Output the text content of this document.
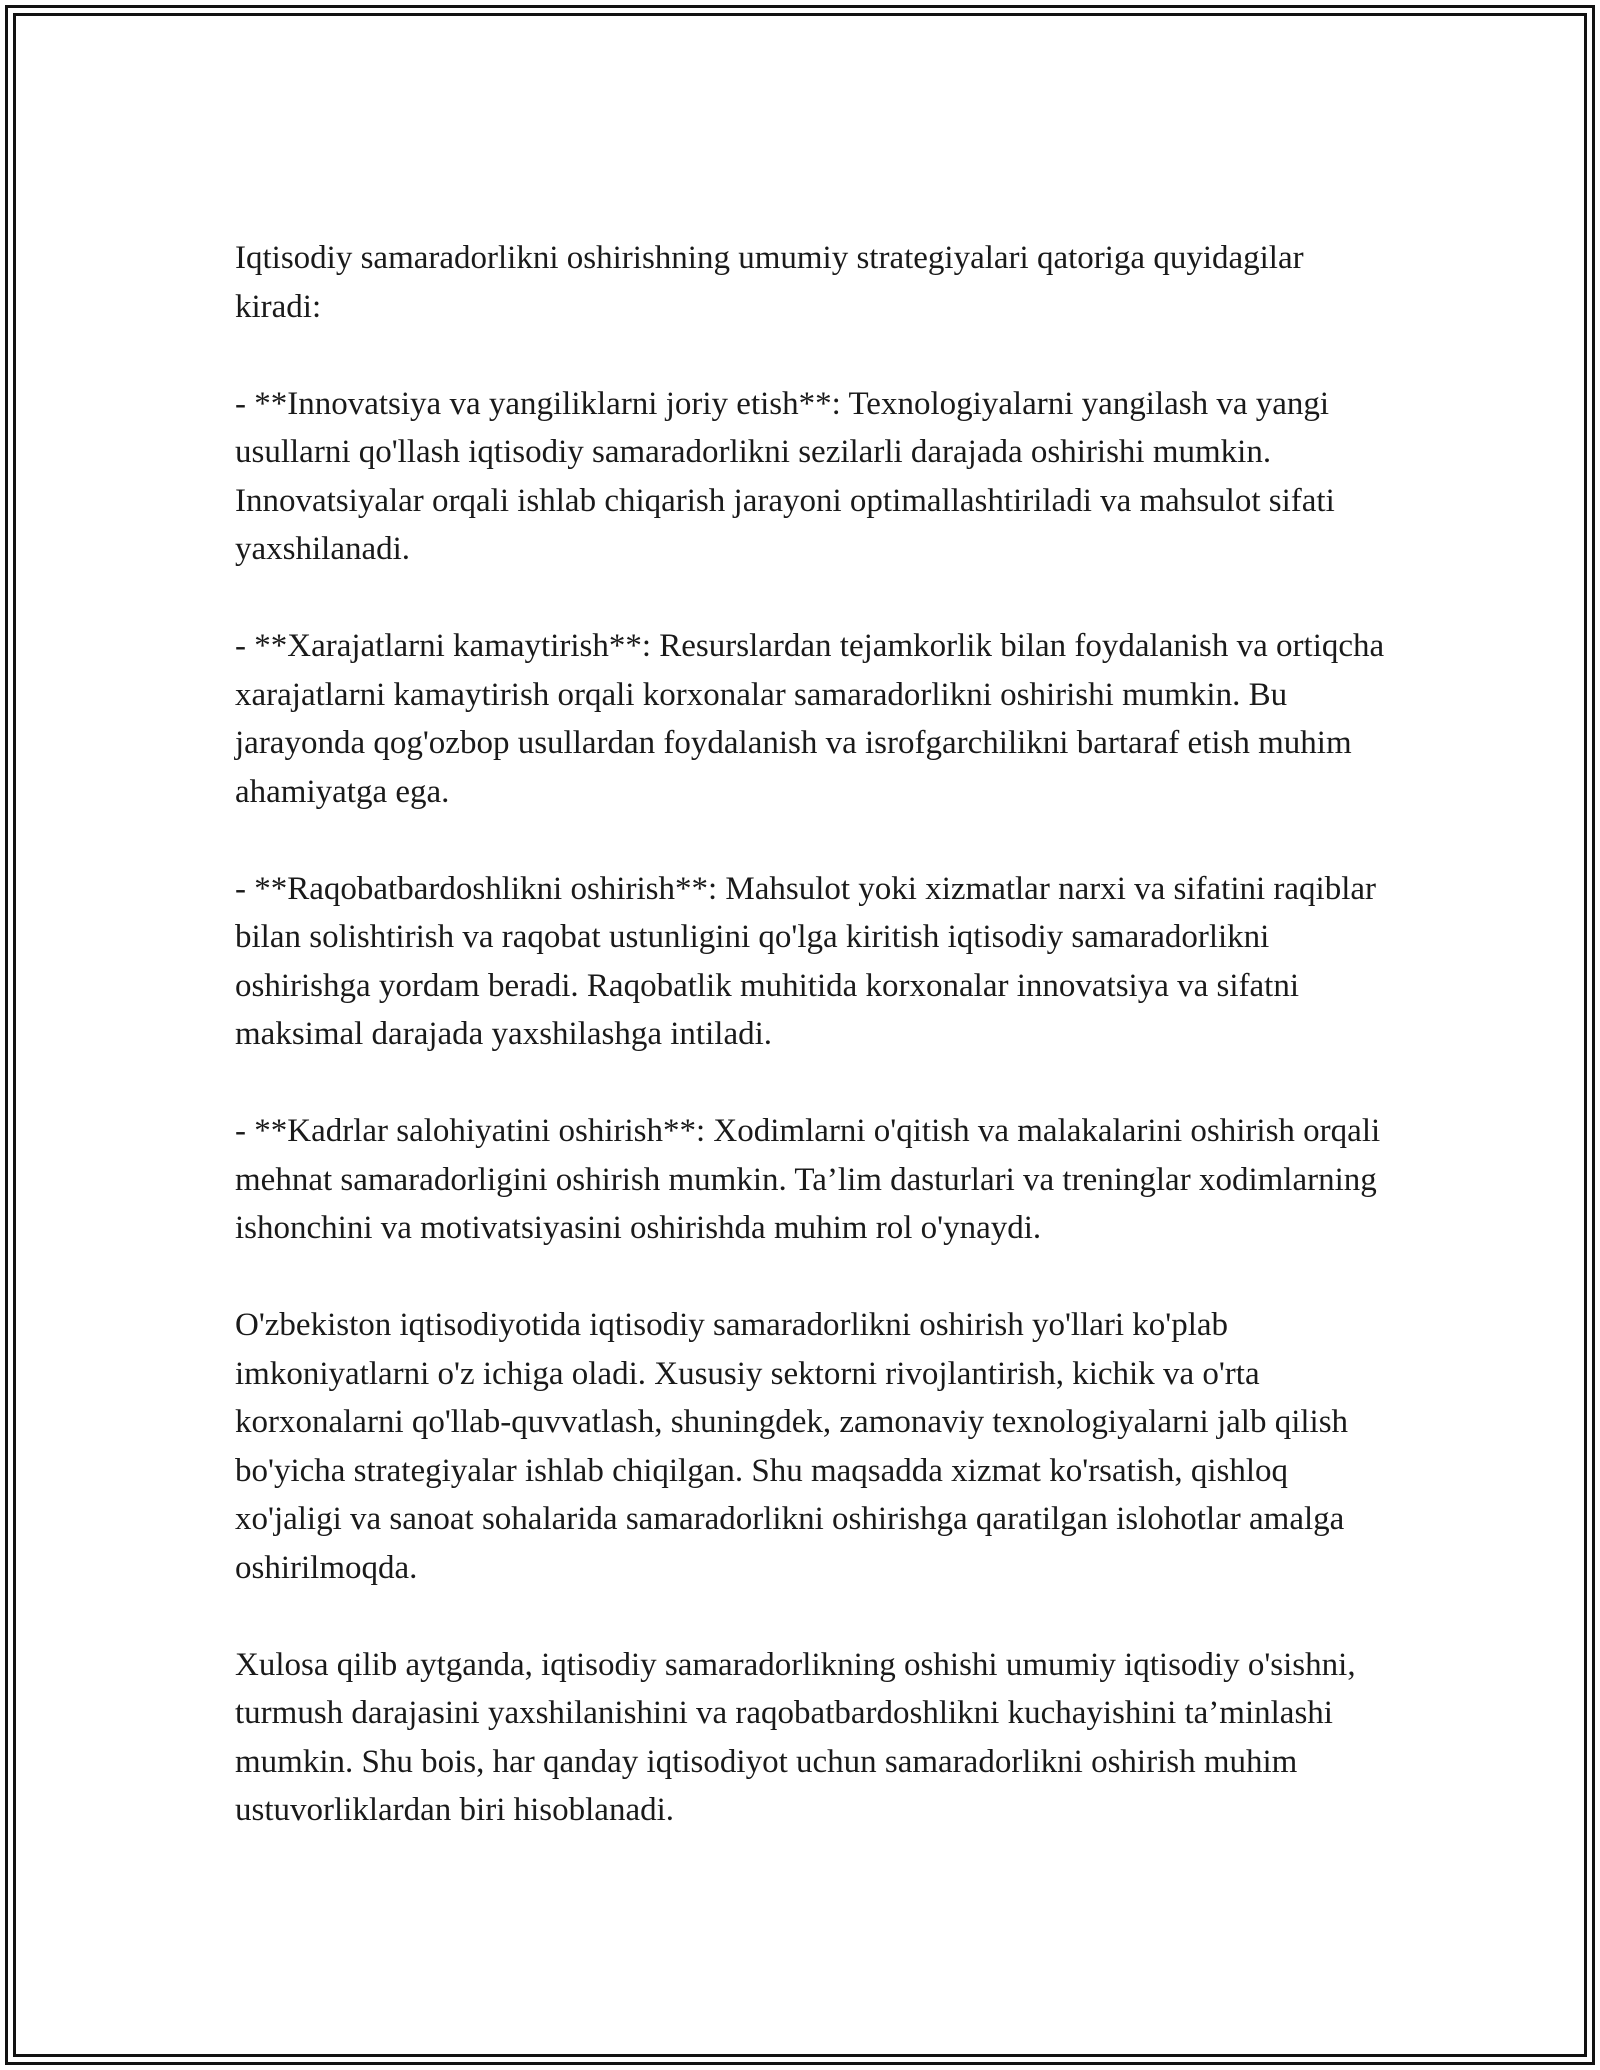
Iqtisodiy samaradorlikni oshirishning umumiy strategiyalari qatoriga quyidagilar kiradi:

- **Innovatsiya va yangiliklarni joriy etish**: Texnologiyalarni yangilash va yangi usullarni qo'llash iqtisodiy samaradorlikni sezilarli darajada oshirishi mumkin. Innovatsiyalar orqali ishlab chiqarish jarayoni optimallashtiriladi va mahsulot sifati yaxshilanadi.

- **Xarajatlarni kamaytirish**: Resurslardan tejamkorlik bilan foydalanish va ortiqcha xarajatlarni kamaytirish orqali korxonalar samaradorlikni oshirishi mumkin. Bu jarayonda qog'ozbop usullardan foydalanish va isrofgarchilikni bartaraf etish muhim ahamiyatga ega.

- **Raqobatbardoshlikni oshirish**: Mahsulot yoki xizmatlar narxi va sifatini raqiblar bilan solishtirish va raqobat ustunligini qo'lga kiritish iqtisodiy samaradorlikni oshirishga yordam beradi. Raqobatlik muhitida korxonalar innovatsiya va sifatni maksimal darajada yaxshilashga intiladi.

- **Kadrlar salohiyatini oshirish**: Xodimlarni o'qitish va malakalarini oshirish orqali mehnat samaradorligini oshirish mumkin. Ta’lim dasturlari va treninglar xodimlarning ishonchini va motivatsiyasini oshirishda muhim rol o'ynaydi.

O'zbekiston iqtisodiyotida iqtisodiy samaradorlikni oshirish yo'llari ko'plab imkoniyatlarni o'z ichiga oladi. Xususiy sektorni rivojlantirish, kichik va o'rta korxonalarni qo'llab-quvvatlash, shuningdek, zamonaviy texnologiyalarni jalb qilish bo'yicha strategiyalar ishlab chiqilgan. Shu maqsadda xizmat ko'rsatish, qishloq xo'jaligi va sanoat sohalarida samaradorlikni oshirishga qaratilgan islohotlar amalga oshirilmoqda.

Xulosa qilib aytganda, iqtisodiy samaradorlikning oshishi umumiy iqtisodiy o'sishni, turmush darajasini yaxshilanishini va raqobatbardoshlikni kuchayishini ta’minlashi mumkin. Shu bois, har qanday iqtisodiyot uchun samaradorlikni oshirish muhim ustuvorliklardan biri hisoblanadi.
